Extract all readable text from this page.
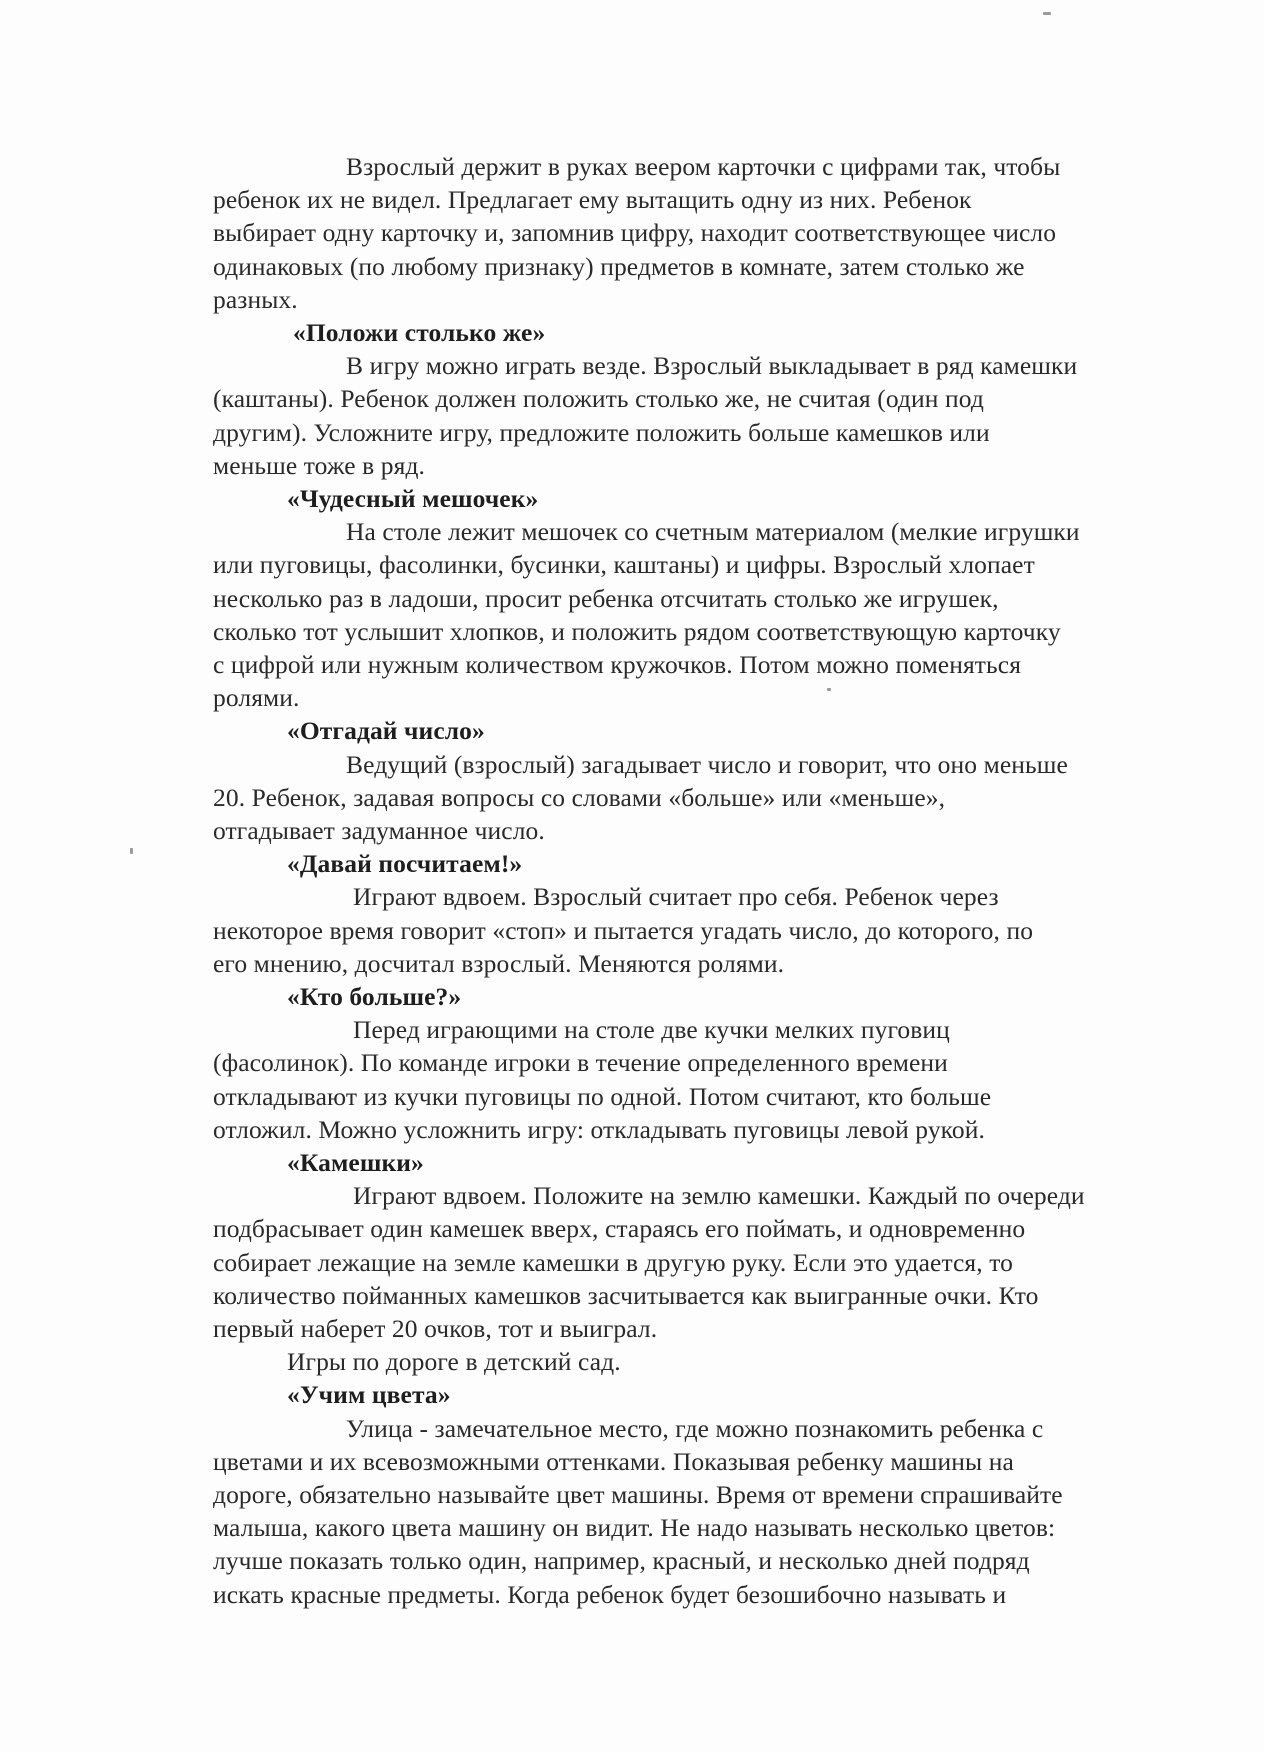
Взрослый держит в руках веером карточки с цифрами так, чтобы
ребенок их не видел. Предлагает ему вытащить одну из них. Ребенок
выбирает одну карточку и, запомнив цифру, находит соответствующее число
одинаковых (по любому признаку) предметов в комнате, затем столько же
разных.
«Положи столько же»
В игру можно играть везде. Взрослый выкладывает в ряд камешки
(каштаны). Ребенок должен положить столько же, не считая (один под
другим). Усложните игру, предложите положить больше камешков или
меньше тоже в ряд.
«Чудесный мешочек»
На столе лежит мешочек со счетным материалом (мелкие игрушки
или пуговицы, фасолинки, бусинки, каштаны) и цифры. Взрослый хлопает
несколько раз в ладоши, просит ребенка отсчитать столько же игрушек,
сколько тот услышит хлопков, и положить рядом соответствующую карточку
с цифрой или нужным количеством кружочков. Потом можно поменяться
ролями.
«Отгадай число»
Ведущий (взрослый) загадывает число и говорит, что оно меньше
20. Ребенок, задавая вопросы со словами «больше» или «меньше»,
отгадывает задуманное число.
«Давай посчитаем!»
Играют вдвоем. Взрослый считает про себя. Ребенок через
некоторое время говорит «стоп» и пытается угадать число, до которого, по
его мнению, досчитал взрослый. Меняются ролями.
«Кто больше?»
Перед играющими на столе две кучки мелких пуговиц
(фасолинок). По команде игроки в течение определенного времени
откладывают из кучки пуговицы по одной. Потом считают, кто больше
отложил. Можно усложнить игру: откладывать пуговицы левой рукой.
«Камешки»
Играют вдвоем. Положите на землю камешки. Каждый по очереди
подбрасывает один камешек вверх, стараясь его поймать, и одновременно
собирает лежащие на земле камешки в другую руку. Если это удается, то
количество пойманных камешков засчитывается как выигранные очки. Кто
первый наберет 20 очков, тот и выиграл.
Игры по дороге в детский сад.
«Учим цвета»
Улица - замечательное место, где можно познакомить ребенка с
цветами и их всевозможными оттенками. Показывая ребенку машины на
дороге, обязательно называйте цвет машины. Время от времени спрашивайте
малыша, какого цвета машину он видит. Не надо называть несколько цветов:
лучше показать только один, например, красный, и несколько дней подряд
искать красные предметы. Когда ребенок будет безошибочно называть и
